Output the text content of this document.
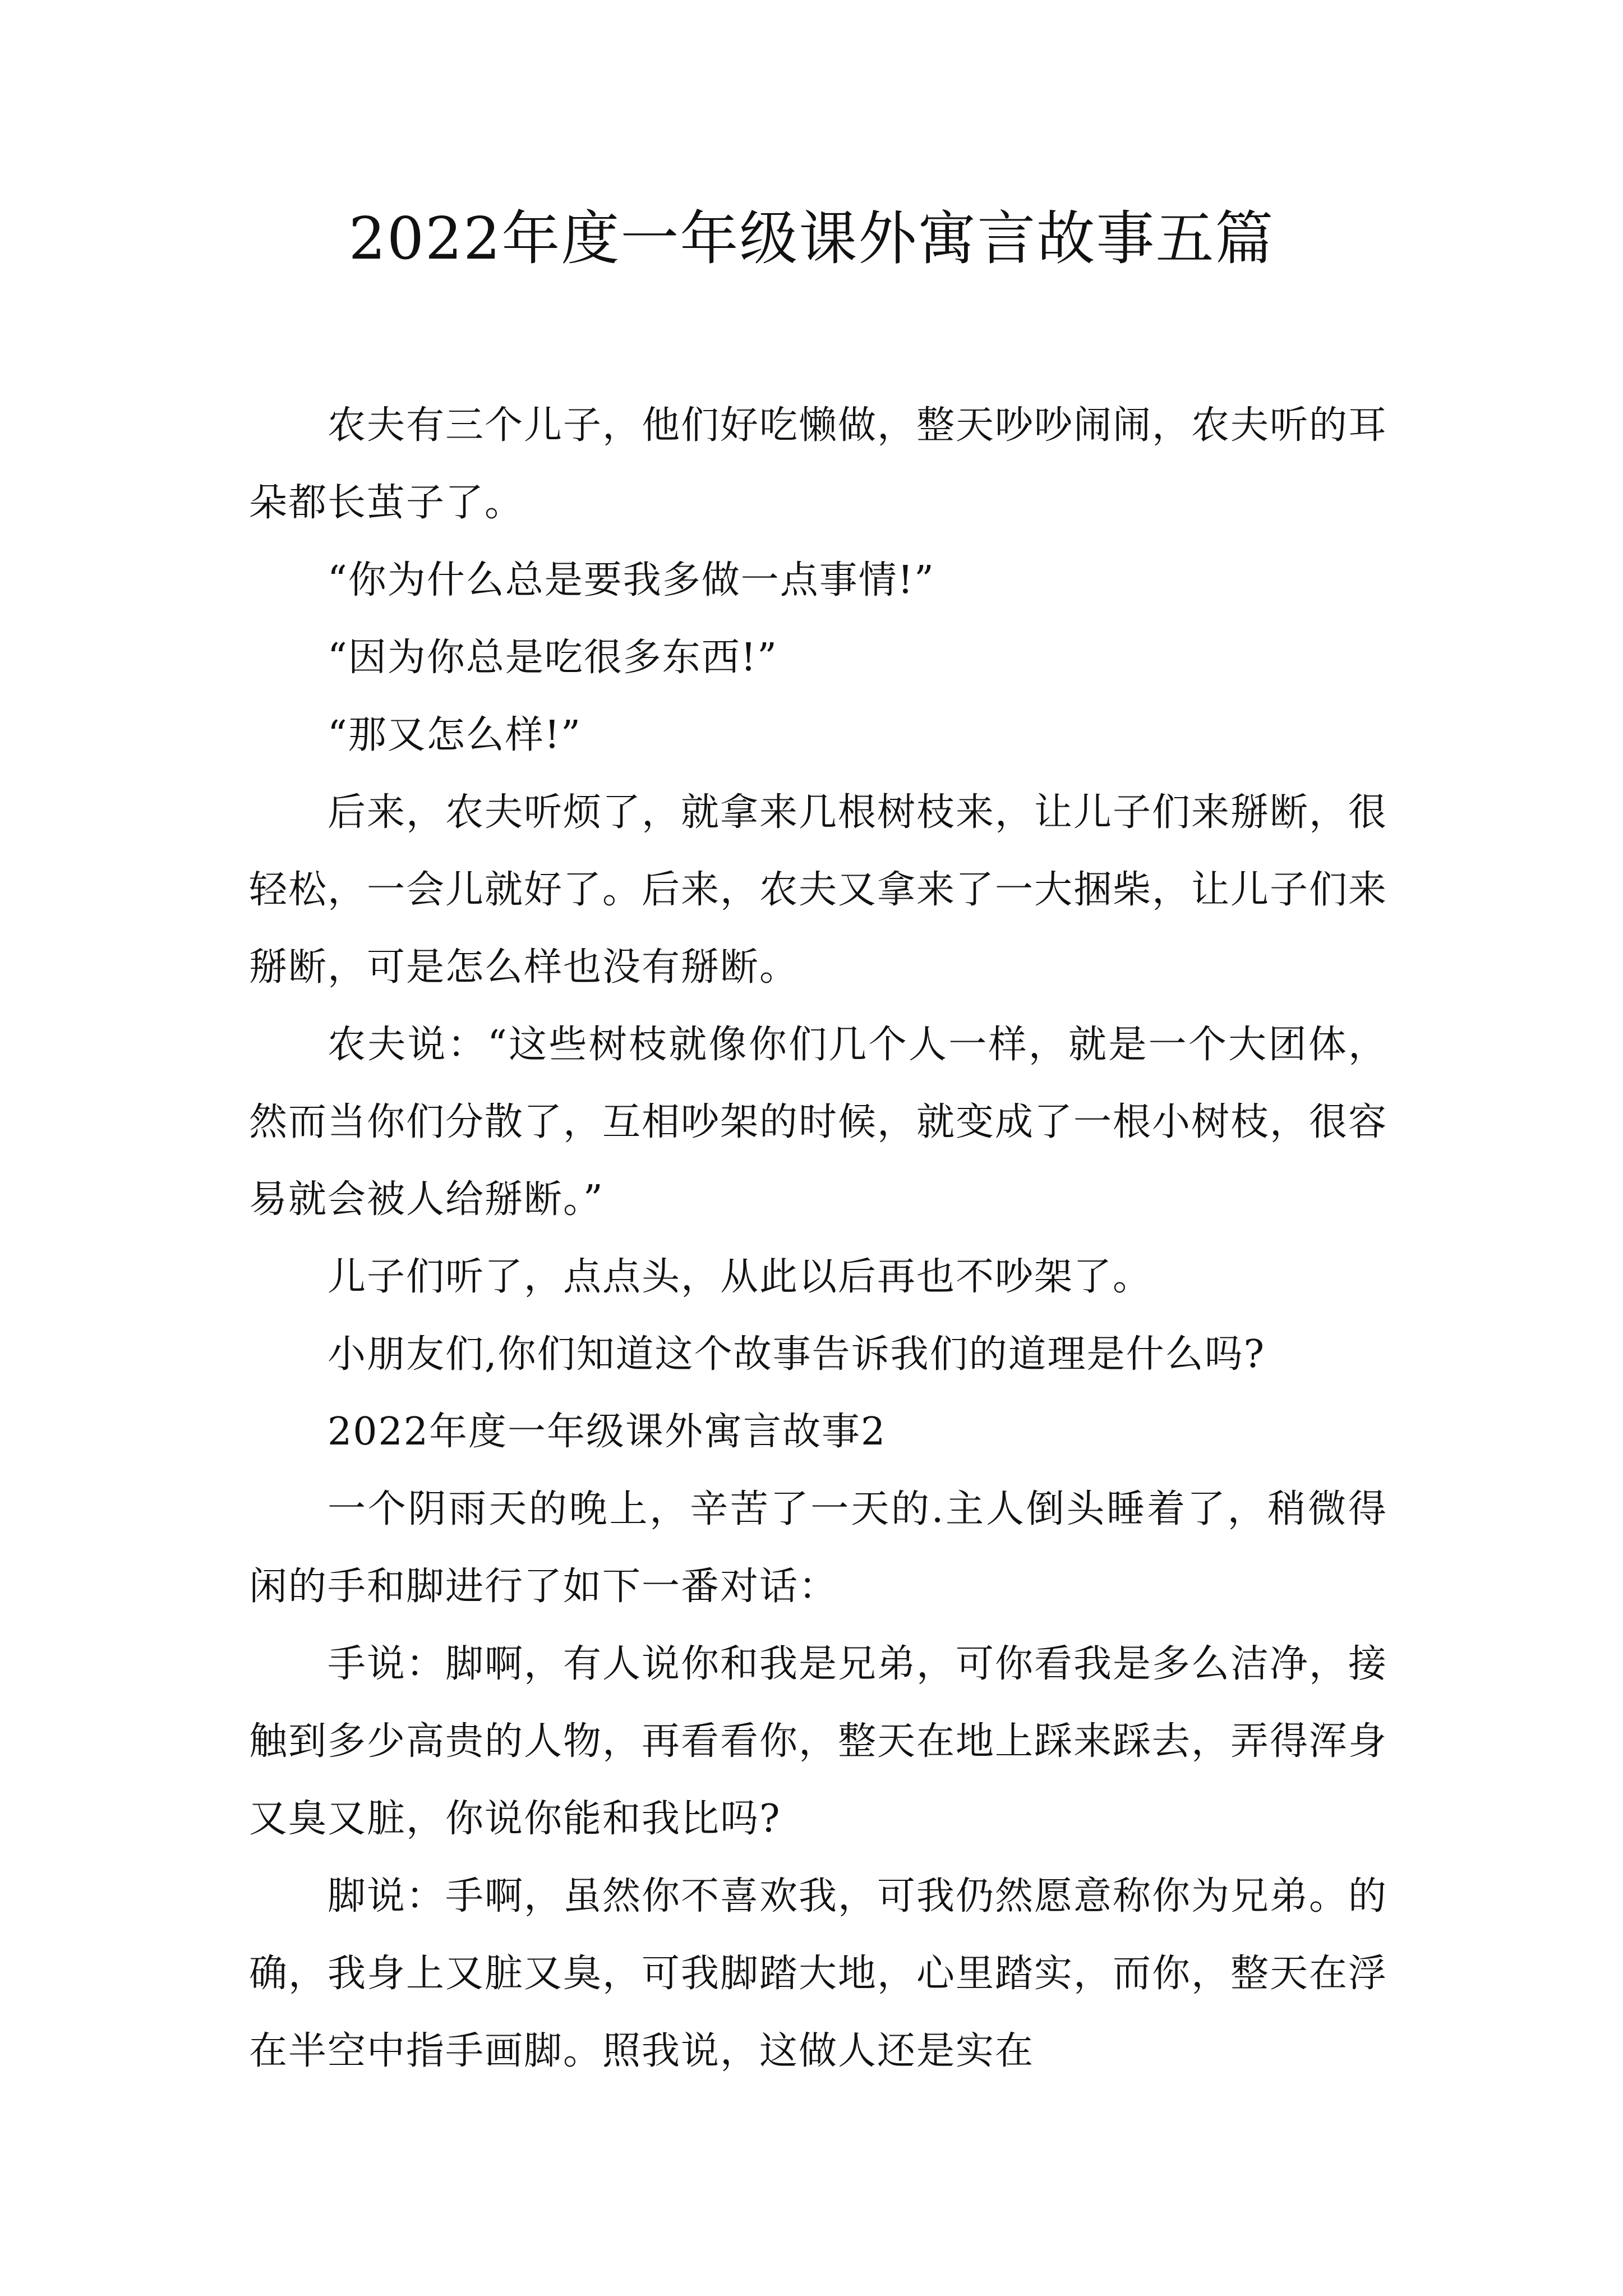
2022年度一年级课外寓言故事五篇

农夫有三个儿子，他们好吃懒做，整天吵吵闹闹，农夫听的耳朵都长茧子了。

“你为什么总是要我多做一点事情!”

“因为你总是吃很多东西!”

“那又怎么样!”

后来，农夫听烦了，就拿来几根树枝来，让儿子们来掰断，很轻松，一会儿就好了。后来，农夫又拿来了一大捆柴，让儿子们来掰断，可是怎么样也没有掰断。

农夫说：“这些树枝就像你们几个人一样，就是一个大团体，然而当你们分散了，互相吵架的时候，就变成了一根小树枝，很容易就会被人给掰断。”

儿子们听了，点点头，从此以后再也不吵架了。

小朋友们,你们知道这个故事告诉我们的道理是什么吗?

2022年度一年级课外寓言故事2

一个阴雨天的晚上，辛苦了一天的.主人倒头睡着了，稍微得闲的手和脚进行了如下一番对话：

手说：脚啊，有人说你和我是兄弟，可你看我是多么洁净，接触到多少高贵的人物，再看看你，整天在地上踩来踩去，弄得浑身又臭又脏，你说你能和我比吗?

脚说：手啊，虽然你不喜欢我，可我仍然愿意称你为兄弟。的确，我身上又脏又臭，可我脚踏大地，心里踏实，而你，整天在浮在半空中指手画脚。照我说，这做人还是实在
